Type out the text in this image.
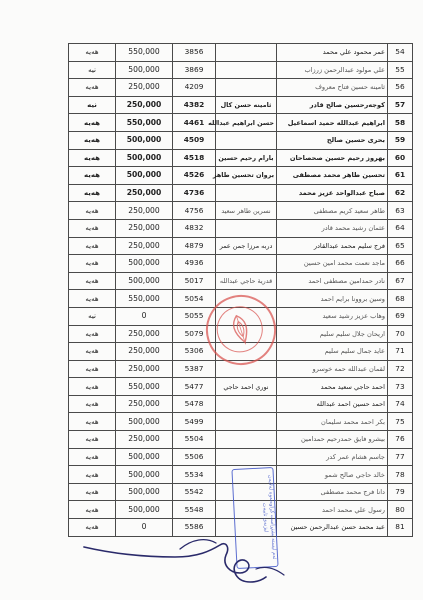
هەیە	550,000	3856		عمر محمود علي محمد	54
نیە	500,000	3869		علي مولود عبدالرحمن زرزاب	55
هەیە	250,000	4209		ثامينه حسين فتاح معروف	56
نیە	250,000	4382	ثامينه حسن كال	كوجەرحسين صالح قادر	57
هەیە	550,000	4461	حسن ابراهيم عبدالله	ابراهيم عبدالله حميد اسماعيل	58
هەیە	500,000	4509		بحرى حسين صالح	59
هەیە	500,000	4518	بارام رحيم حسين	بهروز رحيم حسين صحصاحان	60
هەیە	500,000	4526	بروان تحسين طاهر	تحسين طاهر محمد مصطفى	61
هەیە	250,000	4736		صباح عبدالواحد عزيز محمد	62
هەیە	250,000	4756	نسرين طاهر سعيد	طاهر سعيد كريم مصطفى	63
هەیە	250,000	4832		عثمان رشيد محمد قادر	64
هەیە	250,000	4879	دربه مرزا جمن عمر	فرج سليم محمد عبدالقادر	65
هەیە	500,000	4936		ماجد نعمت محمد امين حسين	66
هەیە	500,000	5017	قدرية حاجي عبدالله	نادر حمدامين مصطفى احمد	67
هەیە	550,000	5054		وسين بروونا برايم احمد	68
نیە	0	5055		وهاب عزيز رشيد سعيد	69
هەیە	250,000	5079		اريحان جلال سليم سليم	70
هەیە	250,000	5306		عايد جمال سليم سليم	71
هەیە	250,000	5387		لقمان عبدالله حمه خوسرو	72
هەیە	550,000	5477	نوري احمد حاجي	احمد حاجي سعيد محمد	73
هەیە	250,000	5478		احمد حسين احمد عبدالله	74
هەیە	500,000	5499		بكر احمد محمد سليمان	75
هەیە	250,000	5504		بيشرو فايق حمدرحيم حمدامين	76
هەیە	500,000	5506		جاسم هشام عمر كدر	77
هەیە	500,000	5534		خالد حاجي صالح شمو	78
هەیە	500,000	5542		دانا فرج محمد مصطفى	79
هەیە	500,000	5548		رسول علي محمد احمد	80
هەیە	0	5586		عبد محمد حسن عبدالرحمن حسين	81
ئەم لیستە پشتڕاست کراوەتەوە لەلایەن لیژنەی تایبەت
